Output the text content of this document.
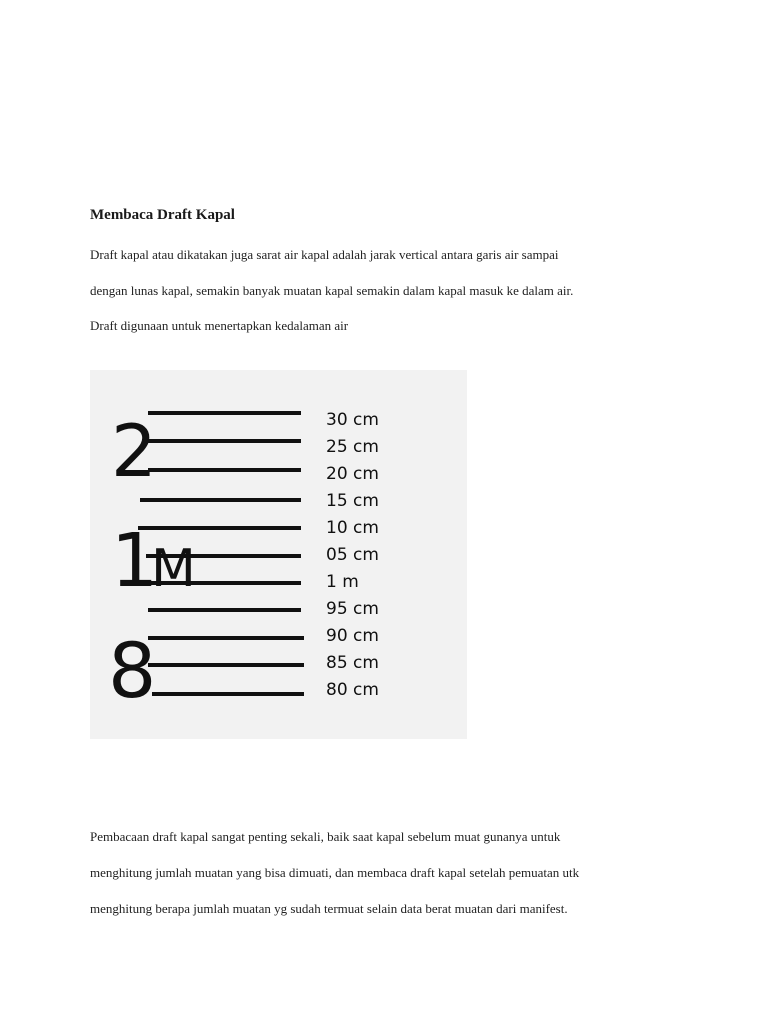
Membaca Draft Kapal
Draft kapal atau dikatakan juga sarat air kapal adalah jarak vertical antara garis air sampai
dengan lunas kapal, semakin banyak muatan kapal semakin dalam kapal masuk ke dalam air.
Draft digunaan untuk menertapkan kedalaman air
2
1
M
8
30 cm
25 cm
20 cm
15 cm
10 cm
05 cm
1 m
95 cm
90 cm
85 cm
80 cm
Pembacaan draft kapal sangat penting sekali, baik saat kapal sebelum muat gunanya untuk
menghitung jumlah muatan yang bisa dimuati, dan membaca draft kapal setelah pemuatan utk
menghitung berapa jumlah muatan yg sudah termuat selain data berat muatan dari manifest.
